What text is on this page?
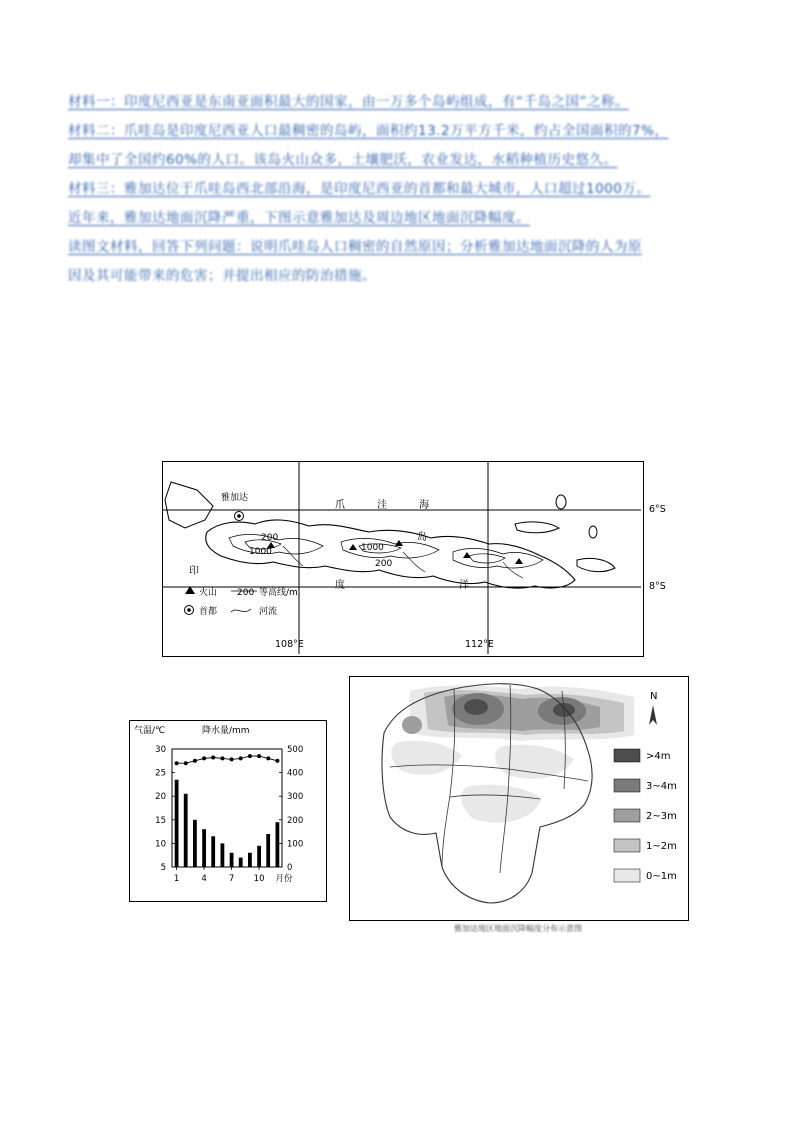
材料一：印度尼西亚是东南亚面积最大的国家，由一万多个岛屿组成，有“千岛之国”之称。

材料二：爪哇岛是印度尼西亚人口最稠密的岛屿，面积约13.2万平方千米，约占全国面积的7%，

却集中了全国约60%的人口。该岛火山众多，土壤肥沃，农业发达，水稻种植历史悠久。

材料三：雅加达位于爪哇岛西北部沿海，是印度尼西亚的首都和最大城市，人口超过1000万。

近年来，雅加达地面沉降严重，下图示意雅加达及周边地区地面沉降幅度。

读图文材料，回答下列问题：说明爪哇岛人口稠密的自然原因；分析雅加达地面沉降的人为原

因及其可能带来的危害；并提出相应的防治措施。

雅加达
爪	洼	海
岛
印
度	洋
200
1000	1000
200
火山 200 等高线/m
首都	河流
6°S
8°S
108°E	112°E
气温/℃	降水量/mm
5
10
15
20
25
30
0
100
200
300
400
500
1	4	7 10 月份
N
>4m
3~4m
2~3m
1~2m
0~1m
雅加达地区地面沉降幅度分布示意图
